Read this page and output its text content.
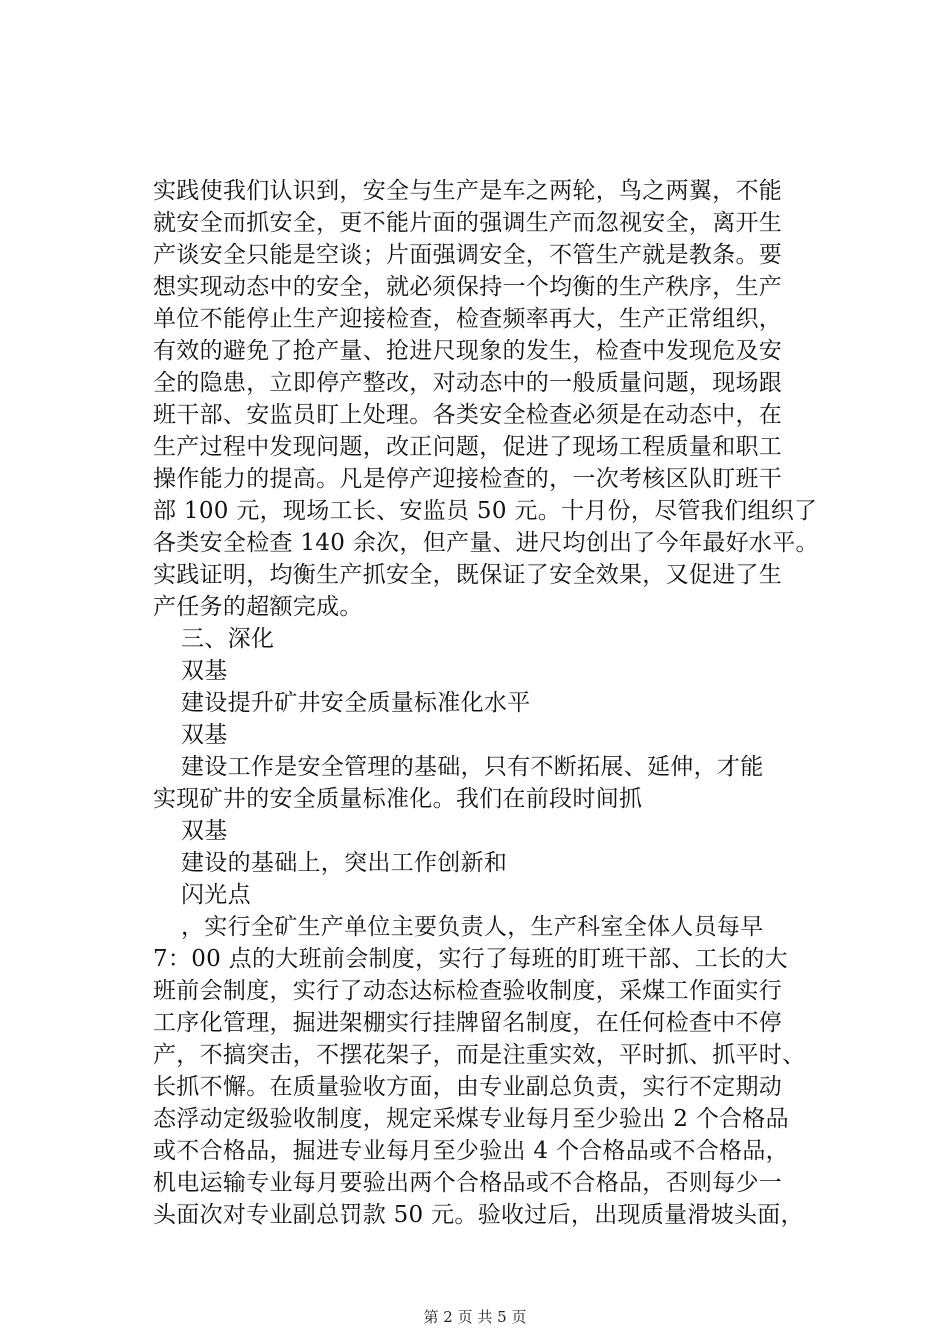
实践使我们认识到，安全与生产是车之两轮，鸟之两翼，不能
就安全而抓安全，更不能片面的强调生产而忽视安全，离开生
产谈安全只能是空谈；片面强调安全，不管生产就是教条。要
想实现动态中的安全，就必须保持一个均衡的生产秩序，生产
单位不能停止生产迎接检查，检查频率再大，生产正常组织，
有效的避免了抢产量、抢进尺现象的发生，检查中发现危及安
全的隐患，立即停产整改，对动态中的一般质量问题，现场跟
班干部、安监员盯上处理。各类安全检查必须是在动态中，在
生产过程中发现问题，改正问题，促进了现场工程质量和职工
操作能力的提高。凡是停产迎接检查的，一次考核区队盯班干
部 100 元，现场工长、安监员 50 元。十月份，尽管我们组织了
各类安全检查 140 余次，但产量、进尺均创出了今年最好水平。
实践证明，均衡生产抓安全，既保证了安全效果，又促进了生
产任务的超额完成。
三、深化
双基
建设提升矿井安全质量标准化水平
双基
建设工作是安全管理的基础，只有不断拓展、延伸，才能
实现矿井的安全质量标准化。我们在前段时间抓
双基
建设的基础上，突出工作创新和
闪光点
，实行全矿生产单位主要负责人，生产科室全体人员每早
7：00 点的大班前会制度，实行了每班的盯班干部、工长的大
班前会制度，实行了动态达标检查验收制度，采煤工作面实行
工序化管理，掘进架棚实行挂牌留名制度，在任何检查中不停
产，不搞突击，不摆花架子，而是注重实效，平时抓、抓平时、
长抓不懈。在质量验收方面，由专业副总负责，实行不定期动
态浮动定级验收制度，规定采煤专业每月至少验出 2 个合格品
或不合格品，掘进专业每月至少验出 4 个合格品或不合格品，
机电运输专业每月要验出两个合格品或不合格品，否则每少一
头面次对专业副总罚款 50 元。验收过后，出现质量滑坡头面，
第 2 页 共 5 页
